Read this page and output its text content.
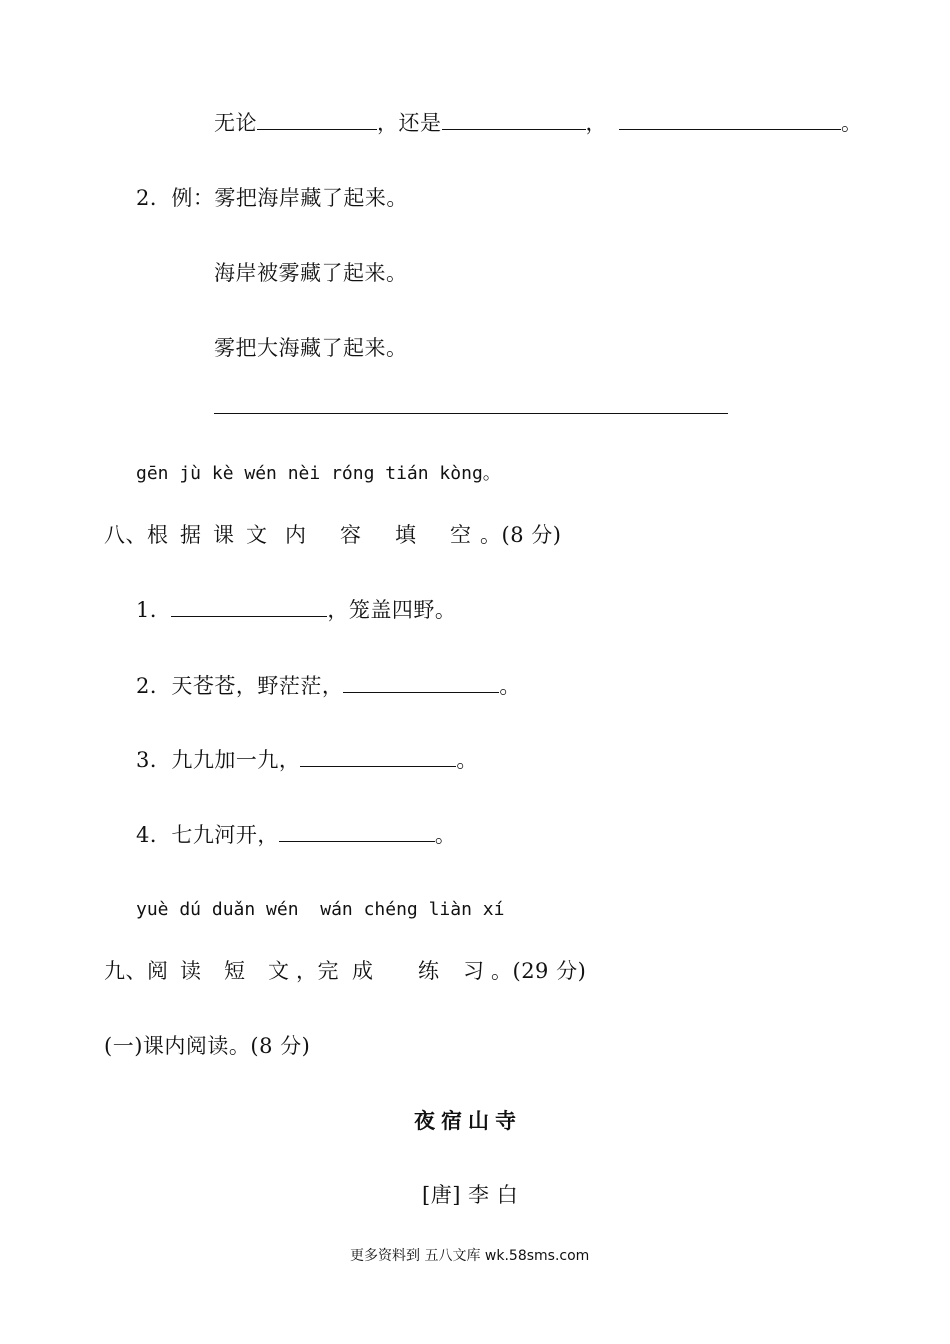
无论	，还是	，	。
2．例：雾把海岸藏了起来。
海岸被雾藏了起来。
雾把大海藏了起来。
gēn jù kè wén nèi róng tián kòng。
八、根 据 课 文 内 容 填 空 。(8 分)
1．	，笼盖四野。
2．天苍苍，野茫茫，	。
3．九九加一九，	。
4．七九河开，	。
yuè dú duǎn wén  wán chéng liàn xí
九、阅 读 短 文 ，完 成 练 习 。(29 分)
(一)课内阅读。(8 分)
夜宿山寺
[唐] 李 白
更多资料到 五八文库 wk.58sms.com
